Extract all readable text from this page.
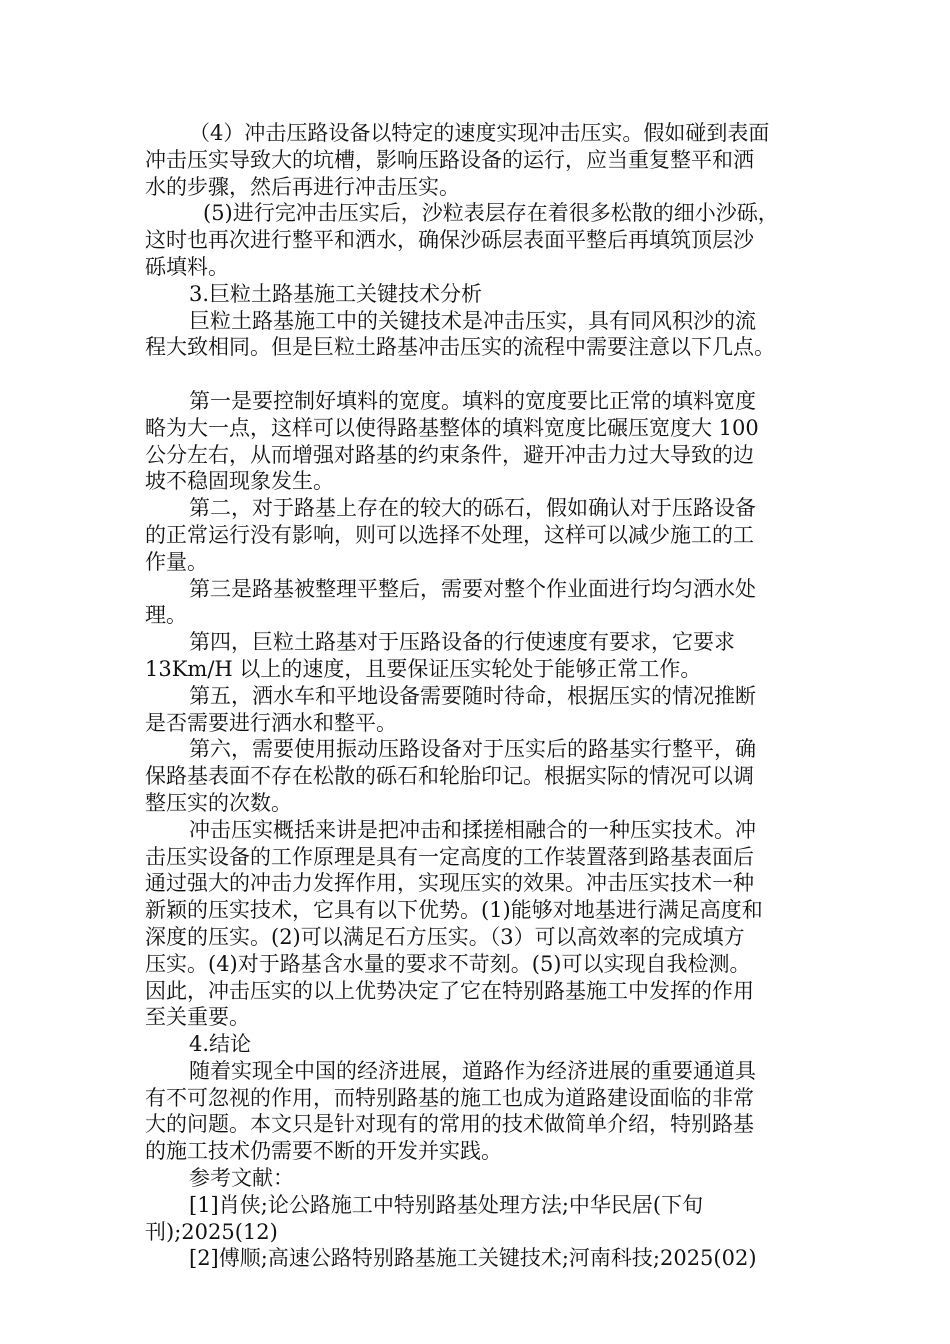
（4）冲击压路设备以特定的速度实现冲击压实。假如碰到表面
冲击压实导致大的坑槽，影响压路设备的运行，应当重复整平和洒
水的步骤，然后再进行冲击压实。
(5)进行完冲击压实后，沙粒表层存在着很多松散的细小沙砾，
这时也再次进行整平和洒水，确保沙砾层表面平整后再填筑顶层沙
砾填料。
3.巨粒土路基施工关键技术分析
巨粒土路基施工中的关键技术是冲击压实，具有同风积沙的流
程大致相同。但是巨粒土路基冲击压实的流程中需要注意以下几点。
第一是要控制好填料的宽度。填料的宽度要比正常的填料宽度
略为大一点，这样可以使得路基整体的填料宽度比碾压宽度大 100
公分左右，从而增强对路基的约束条件，避开冲击力过大导致的边
坡不稳固现象发生。
第二，对于路基上存在的较大的砾石，假如确认对于压路设备
的正常运行没有影响，则可以选择不处理，这样可以减少施工的工
作量。
第三是路基被整理平整后，需要对整个作业面进行均匀洒水处
理。
第四，巨粒土路基对于压路设备的行使速度有要求，它要求
13Km/H 以上的速度，且要保证压实轮处于能够正常工作。
第五，洒水车和平地设备需要随时待命，根据压实的情况推断
是否需要进行洒水和整平。
第六，需要使用振动压路设备对于压实后的路基实行整平，确
保路基表面不存在松散的砾石和轮胎印记。根据实际的情况可以调
整压实的次数。
冲击压实概括来讲是把冲击和揉搓相融合的一种压实技术。冲
击压实设备的工作原理是具有一定高度的工作装置落到路基表面后
通过强大的冲击力发挥作用，实现压实的效果。冲击压实技术一种
新颖的压实技术，它具有以下优势。(1)能够对地基进行满足高度和
深度的压实。(2)可以满足石方压实。（3）可以高效率的完成填方
压实。(4)对于路基含水量的要求不苛刻。(5)可以实现自我检测。
因此，冲击压实的以上优势决定了它在特别路基施工中发挥的作用
至关重要。
4.结论
随着实现全中国的经济进展，道路作为经济进展的重要通道具
有不可忽视的作用，而特别路基的施工也成为道路建设面临的非常
大的问题。本文只是针对现有的常用的技术做简单介绍，特别路基
的施工技术仍需要不断的开发并实践。
参考文献：
[1]肖侠;论公路施工中特别路基处理方法;中华民居(下旬
刊);2025(12)
[2]傅顺;高速公路特别路基施工关键技术;河南科技;2025(02)
